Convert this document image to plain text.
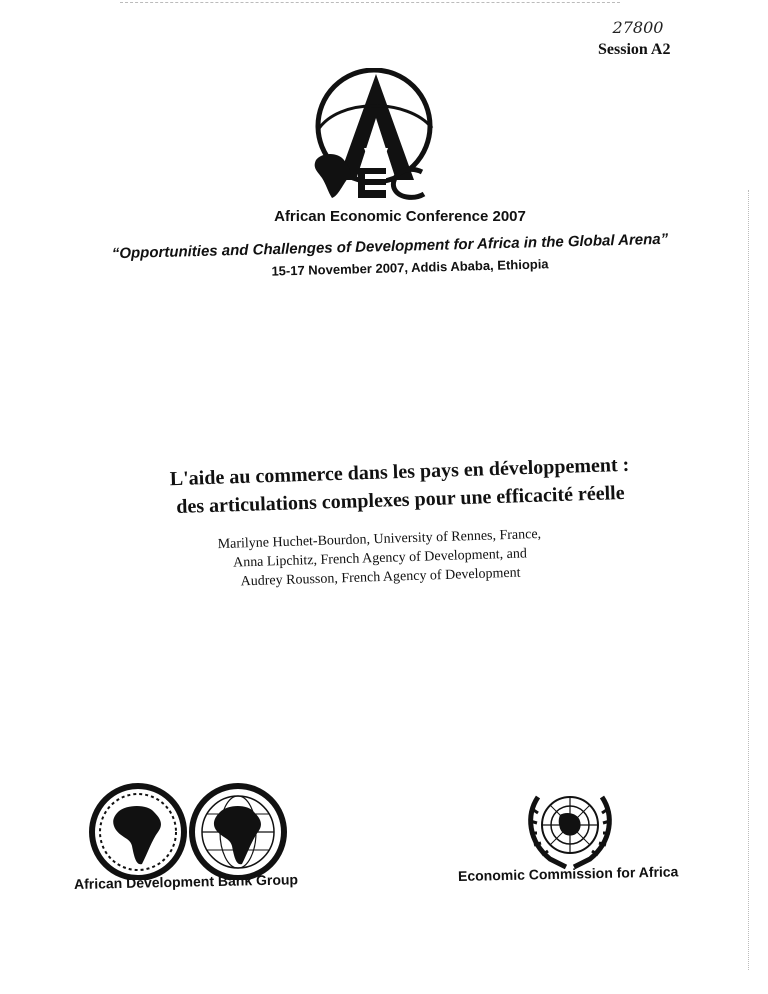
27800
Session A2
African Economic Conference 2007
“Opportunities and Challenges of Development for Africa in the Global Arena”
15-17 November 2007, Addis Ababa, Ethiopia
L'aide au commerce dans les pays en développement :
des articulations complexes pour une efficacité réelle
Marilyne Huchet-Bourdon, University of Rennes, France,
Anna Lipchitz, French Agency of Development, and
Audrey Rousson, French Agency of Development
African Development Bank Group	Economic Commission for Africa
